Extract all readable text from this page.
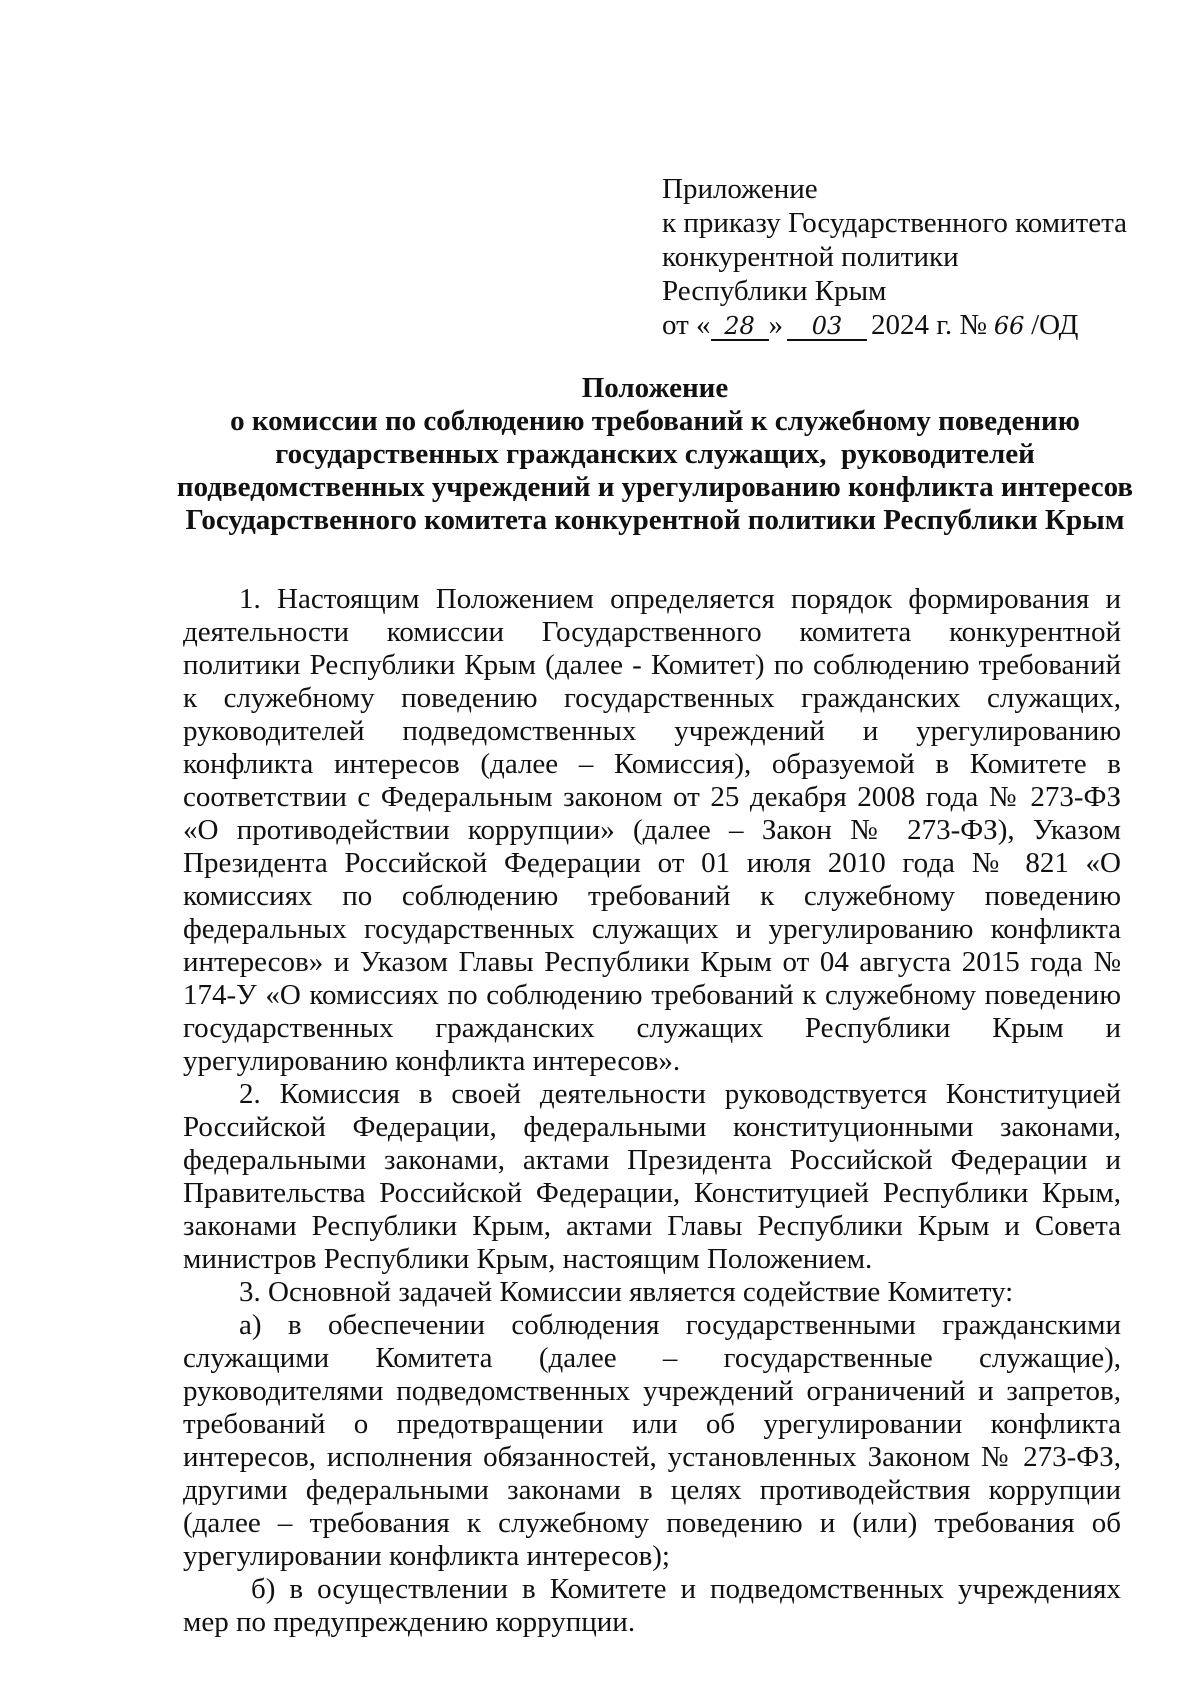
Приложение
к приказу Государственного комитета
конкурентной политики
Республики Крым
от « 28 » 03 2024 г. № 66 /ОД
Положение
о комиссии по соблюдению требований к служебному поведению
государственных гражданских служащих,  руководителей
подведомственных учреждений и урегулированию конфликта интересов
Государственного комитета конкурентной политики Республики Крым

1. Настоящим Положением определяется порядок формирования и деятельности комиссии Государственного комитета конкурентной политики Республики Крым (далее - Комитет) по соблюдению требований к служебному поведению государственных гражданских служащих, руководителей подведомственных учреждений и урегулированию конфликта интересов (далее – Комиссия), образуемой в Комитете в соответствии с Федеральным законом от 25 декабря 2008 года № 273-ФЗ «О противодействии коррупции» (далее – Закон № 273-ФЗ), Указом Президента Российской Федерации от 01 июля 2010 года № 821 «О комиссиях по соблюдению требований к служебному поведению федеральных государственных служащих и урегулированию конфликта интересов» и Указом Главы Республики Крым от 04 августа 2015 года № 174-У «О комиссиях по соблюдению требований к служебному поведению государственных гражданских служащих Республики Крым и урегулированию конфликта интересов».

2. Комиссия в своей деятельности руководствуется Конституцией Российской Федерации, федеральными конституционными законами, федеральными законами, актами Президента Российской Федерации и Правительства Российской Федерации, Конституцией Республики Крым, законами Республики Крым, актами Главы Республики Крым и Совета министров Республики Крым, настоящим Положением.

3. Основной задачей Комиссии является содействие Комитету:

а) в обеспечении соблюдения государственными гражданскими служащими Комитета (далее – государственные служащие), руководителями подведомственных учреждений ограничений и запретов, требований о предотвращении или об урегулировании конфликта интересов, исполнения обязанностей, установленных Законом № 273-ФЗ, другими федеральными законами в целях противодействия коррупции (далее – требования к служебному поведению и (или) требования об урегулировании конфликта интересов);

б) в осуществлении в Комитете и подведомственных учреждениях мер по предупреждению коррупции.
